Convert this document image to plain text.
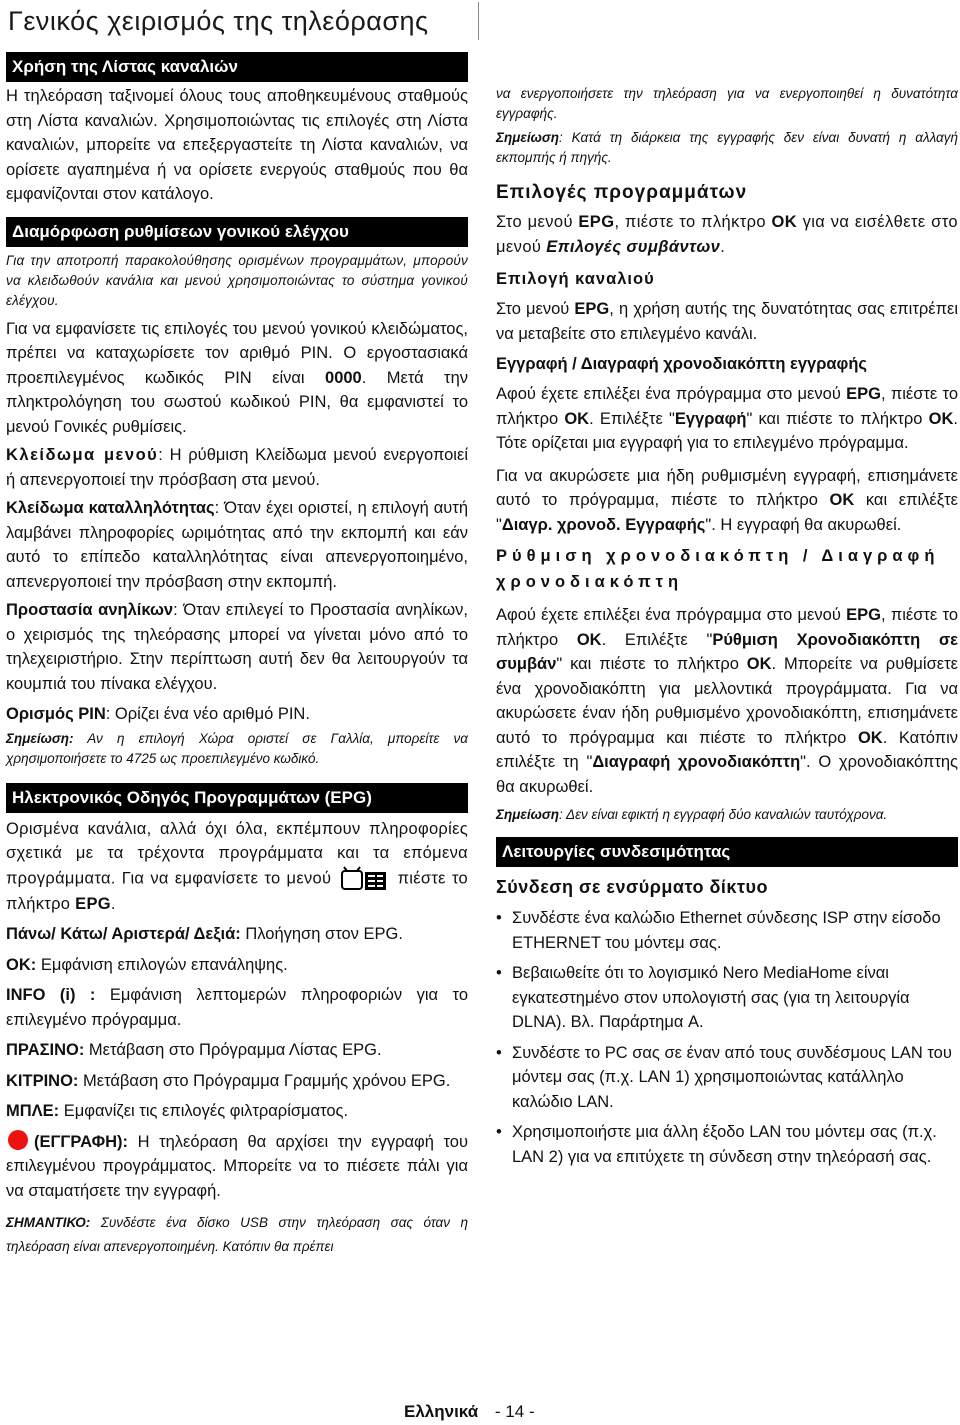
Γενικός χειρισμός της τηλεόρασης
Χρήση της Λίστας καναλιών

Η τηλεόραση ταξινομεί όλους τους αποθηκευμένους σταθμούς στη Λίστα καναλιών. Χρησιμοποιώντας τις επιλογές στη Λίστα καναλιών, μπορείτε να επεξεργαστείτε τη Λίστα καναλιών, να ορίσετε αγαπημένα ή να ορίσετε ενεργούς σταθμούς που θα εμφανίζονται στον κατάλογο.

Διαμόρφωση ρυθμίσεων γονικού ελέγχου

Για την αποτροπή παρακολούθησης ορισμένων προγραμμάτων, μπορούν να κλειδωθούν κανάλια και μενού χρησιμοποιώντας το σύστημα γονικού ελέγχου.

Για να εμφανίσετε τις επιλογές του μενού γονικού κλειδώματος, πρέπει να καταχωρίσετε τον αριθμό PIN. Ο εργοστασιακά προεπιλεγμένος κωδικός PIN είναι 0000. Μετά την πληκτρολόγηση του σωστού κωδικού PIN, θα εμφανιστεί το μενού Γονικές ρυθμίσεις.

Κλείδωμα μενού: Η ρύθμιση Κλείδωμα μενού ενεργοποιεί ή απενεργοποιεί την πρόσβαση στα μενού.

Κλείδωμα καταλληλότητας: Όταν έχει οριστεί, η επιλογή αυτή λαμβάνει πληροφορίες ωριμότητας από την εκπομπή και εάν αυτό το επίπεδο καταλληλότητας είναι απενεργοποιημένο, απενεργοποιεί την πρόσβαση στην εκπομπή.

Προστασία ανηλίκων: Όταν επιλεγεί το Προστασία ανηλίκων, ο χειρισμός της τηλεόρασης μπορεί να γίνεται μόνο από το τηλεχειριστήριο. Στην περίπτωση αυτή δεν θα λειτουργούν τα κουμπιά του πίνακα ελέγχου.

Ορισμός PIN: Ορίζει ένα νέο αριθμό PIN.

Σημείωση: Αν η επιλογή Χώρα οριστεί σε Γαλλία, μπορείτε να χρησιμοποιήσετε το 4725 ως προεπιλεγμένο κωδικό.

Ηλεκτρονικός Οδηγός Προγραμμάτων (EPG)

Ορισμένα κανάλια, αλλά όχι όλα, εκπέμπουν πληροφορίες σχετικά με τα τρέχοντα προγράμματα και τα επόμενα προγράμματα. Για να εμφανίσετε το μενού	πιέστε το πλήκτρο EPG.

Πάνω/ Κάτω/ Αριστερά/ Δεξιά: Πλοήγηση στον EPG.

OK: Εμφάνιση επιλογών επανάληψης.

INFO (i) : Εμφάνιση λεπτομερών πληροφοριών για το επιλεγμένο πρόγραμμα.

ΠΡΑΣΙΝΟ: Μετάβαση στο Πρόγραμμα Λίστας EPG.

ΚΙΤΡΙΝΟ: Μετάβαση στο Πρόγραμμα Γραμμής χρόνου EPG.

ΜΠΛΕ: Εμφανίζει τις επιλογές φιλτραρίσματος.

(ΕΓΓΡΑΦΗ): Η τηλεόραση θα αρχίσει την εγγραφή του επιλεγμένου προγράμματος. Μπορείτε να το πιέσετε πάλι για να σταματήσετε την εγγραφή.

ΣΗΜΑΝΤΙΚΟ: Συνδέστε ένα δίσκο USB στην τηλεόραση σας όταν η τηλεόραση είναι απενεργοποιημένη. Κατόπιν θα πρέπει

να ενεργοποιήσετε την τηλεόραση για να ενεργοποιηθεί η δυνατότητα εγγραφής.

Σημείωση: Κατά τη διάρκεια της εγγραφής δεν είναι δυνατή η αλλαγή εκπομπής ή πηγής.

Επιλογές προγραμμάτων

Στο μενού EPG, πιέστε το πλήκτρο OK για να εισέλθετε στο μενού Επιλογές συμβάντων.

Επιλογή καναλιού

Στο μενού EPG, η χρήση αυτής της δυνατότητας σας επιτρέπει να μεταβείτε στο επιλεγμένο κανάλι.

Εγγραφή / Διαγραφή χρονοδιακόπτη εγγραφής

Αφού έχετε επιλέξει ένα πρόγραμμα στο μενού EPG, πιέστε το πλήκτρο OK. Επιλέξτε "Εγγραφή" και πιέστε το πλήκτρο OK. Τότε ορίζεται μια εγγραφή για το επιλεγμένο πρόγραμμα.

Για να ακυρώσετε μια ήδη ρυθμισμένη εγγραφή, επισημάνετε αυτό το πρόγραμμα, πιέστε το πλήκτρο OK και επιλέξτε "Διαγρ. χρονοδ. Εγγραφής". Η εγγραφή θα ακυρωθεί.

Ρύθμιση χρονοδιακόπτη / Διαγραφή χρονοδιακόπτη

Αφού έχετε επιλέξει ένα πρόγραμμα στο μενού EPG, πιέστε το πλήκτρο OK. Επιλέξτε "Ρύθμιση Χρονοδιακόπτη σε συμβάν" και πιέστε το πλήκτρο OK. Μπορείτε να ρυθμίσετε ένα χρονοδιακόπτη για μελλοντικά προγράμματα. Για να ακυρώσετε έναν ήδη ρυθμισμένο χρονοδιακόπτη, επισημάνετε αυτό το πρόγραμμα και πιέστε το πλήκτρο OK. Κατόπιν επιλέξτε τη "Διαγραφή χρονοδιακόπτη". Ο χρονοδιακόπτης θα ακυρωθεί.

Σημείωση: Δεν είναι εφικτή η εγγραφή δύο καναλιών ταυτόχρονα.

Λειτουργίες συνδεσιμότητας

Σύνδεση σε ενσύρματο δίκτυο

• Συνδέστε ένα καλώδιο Ethernet σύνδεσης ISP στην είσοδο ETHERNET του μόντεμ σας.
• Βεβαιωθείτε ότι το λογισμικό Nero MediaHome είναι εγκατεστημένο στον υπολογιστή σας (για τη λειτουργία DLNA). Βλ. Παράρτημα A.
• Συνδέστε το PC σας σε έναν από τους συνδέσμους LAN του μόντεμ σας (π.χ. LAN 1) χρησιμοποιώντας κατάλληλο καλώδιο LAN.
• Χρησιμοποιήστε μια άλλη έξοδο LAN του μόντεμ σας (π.χ. LAN 2) για να επιτύχετε τη σύνδεση στην τηλεόρασή σας.
Ελληνικά - 14 -
